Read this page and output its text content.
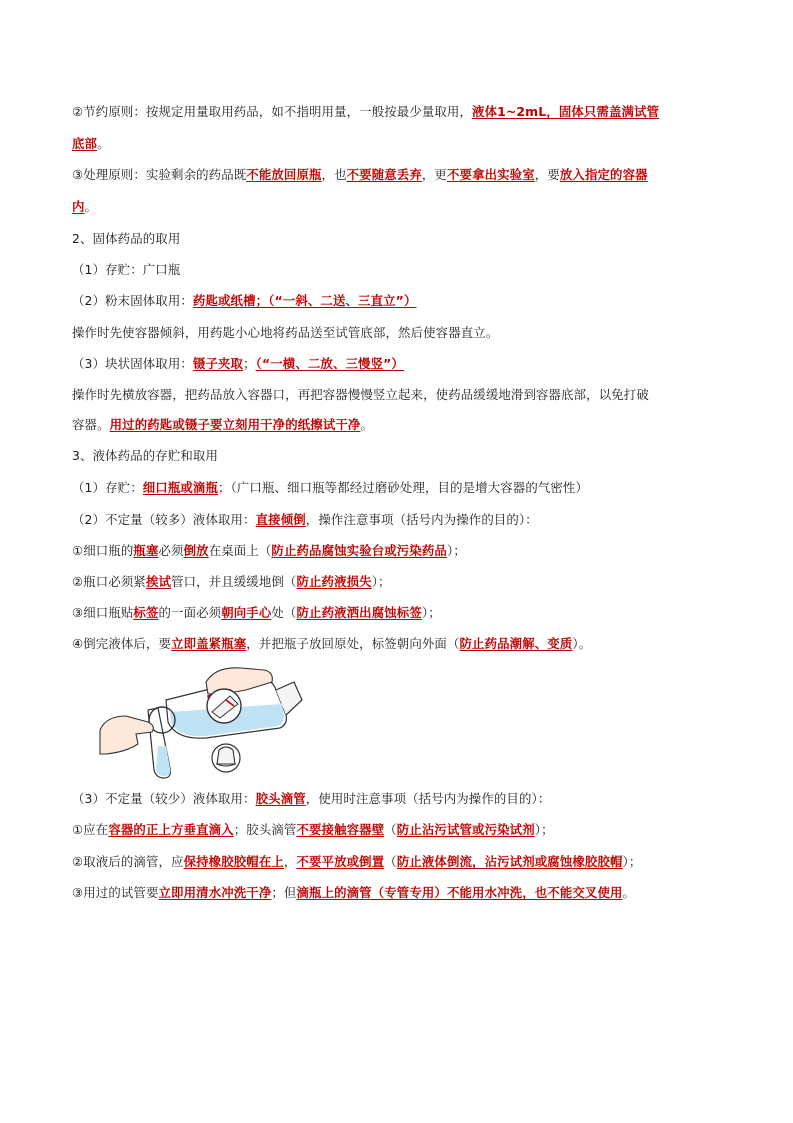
②节约原则：按规定用量取用药品，如不指明用量，一般按最少量取用，液体1~2mL，固体只需盖满试管
底部。
③处理原则：实验剩余的药品既不能放回原瓶，也不要随意丢弃，更不要拿出实验室，要放入指定的容器
内。
2、固体药品的取用
（1）存贮：广口瓶
（2）粉末固体取用：药匙或纸槽；（“一斜、二送、三直立”）
操作时先使容器倾斜，用药匙小心地将药品送至试管底部，然后使容器直立。
（3）块状固体取用：镊子夹取；（“一横、二放、三慢竖”）
操作时先横放容器，把药品放入容器口，再把容器慢慢竖立起来，使药品缓缓地滑到容器底部，以免打破
容器。用过的药匙或镊子要立刻用干净的纸擦试干净。
3、液体药品的存贮和取用
（1）存贮：细口瓶或滴瓶；（广口瓶、细口瓶等都经过磨砂处理，目的是增大容器的气密性）
（2）不定量（较多）液体取用：直接倾倒，操作注意事项（括号内为操作的目的）：
①细口瓶的瓶塞必须倒放在桌面上（防止药品腐蚀实验台或污染药品）；
②瓶口必须紧挨试管口，并且缓缓地倒（防止药液损失）；
③细口瓶贴标签的一面必须朝向手心处（防止药液洒出腐蚀标签）；
④倒完液体后，要立即盖紧瓶塞，并把瓶子放回原处，标签朝向外面（防止药品潮解、变质）。
（3）不定量（较少）液体取用：胶头滴管，使用时注意事项（括号内为操作的目的）：
①应在容器的正上方垂直滴入；胶头滴管不要接触容器壁（防止沾污试管或污染试剂）；
②取液后的滴管，应保持橡胶胶帽在上，不要平放或倒置（防止液体倒流，沾污试剂或腐蚀橡胶胶帽）；
③用过的试管要立即用清水冲洗干净；但滴瓶上的滴管（专管专用）不能用水冲洗，也不能交叉使用。
